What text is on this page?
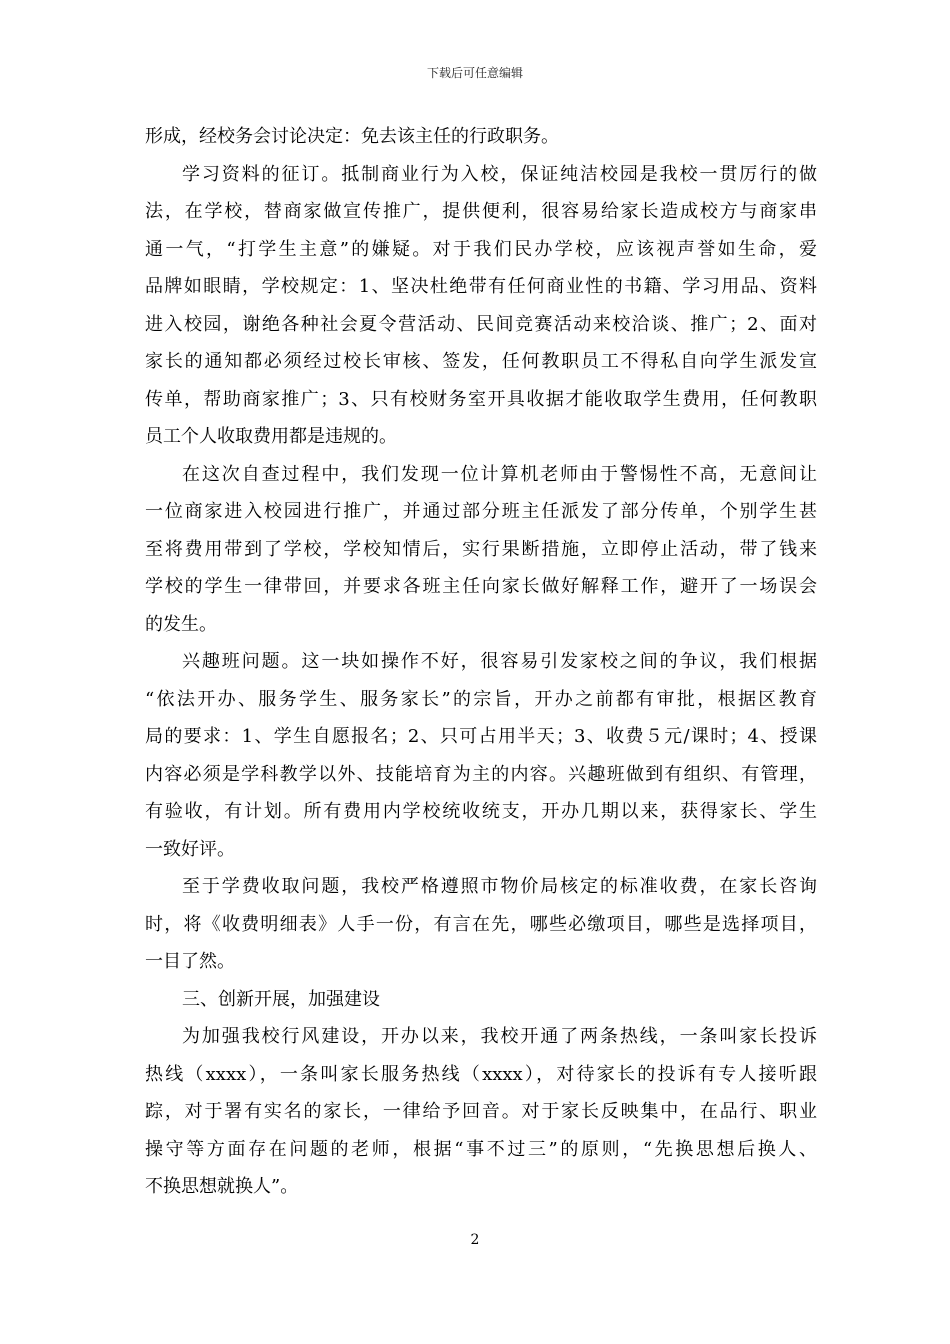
下载后可任意编辑
形成，经校务会讨论决定：免去该主任的行政职务。
学习资料的征订。抵制商业行为入校，保证纯洁校园是我校一贯厉行的做
法，在学校，替商家做宣传推广，提供便利，很容易给家长造成校方与商家串
通一气，“打学生主意”的嫌疑。对于我们民办学校，应该视声誉如生命，爱
品牌如眼睛，学校规定：1、坚决杜绝带有任何商业性的书籍、学习用品、资料
进入校园，谢绝各种社会夏令营活动、民间竞赛活动来校洽谈、推广；2、面对
家长的通知都必须经过校长审核、签发，任何教职员工不得私自向学生派发宣
传单，帮助商家推广；3、只有校财务室开具收据才能收取学生费用，任何教职
员工个人收取费用都是违规的。
在这次自查过程中，我们发现一位计算机老师由于警惕性不高，无意间让
一位商家进入校园进行推广，并通过部分班主任派发了部分传单，个别学生甚
至将费用带到了学校，学校知情后，实行果断措施，立即停止活动，带了钱来
学校的学生一律带回，并要求各班主任向家长做好解释工作，避开了一场误会
的发生。
兴趣班问题。这一块如操作不好，很容易引发家校之间的争议，我们根据
“依法开办、服务学生、服务家长”的宗旨，开办之前都有审批，根据区教育
局的要求：1、学生自愿报名；2、只可占用半天；3、收费５元/课时；4、授课
内容必须是学科教学以外、技能培育为主的内容。兴趣班做到有组织、有管理，
有验收，有计划。所有费用内学校统收统支，开办几期以来，获得家长、学生
一致好评。
至于学费收取问题，我校严格遵照市物价局核定的标准收费，在家长咨询
时，将《收费明细表》人手一份，有言在先，哪些必缴项目，哪些是选择项目，
一目了然。
三、创新开展，加强建设
为加强我校行风建设，开办以来，我校开通了两条热线，一条叫家长投诉
热线（xxxx），一条叫家长服务热线（xxxx），对待家长的投诉有专人接听跟
踪，对于署有实名的家长，一律给予回音。对于家长反映集中，在品行、职业
操守等方面存在问题的老师，根据“事不过三”的原则，“先换思想后换人、
不换思想就换人”。
2
